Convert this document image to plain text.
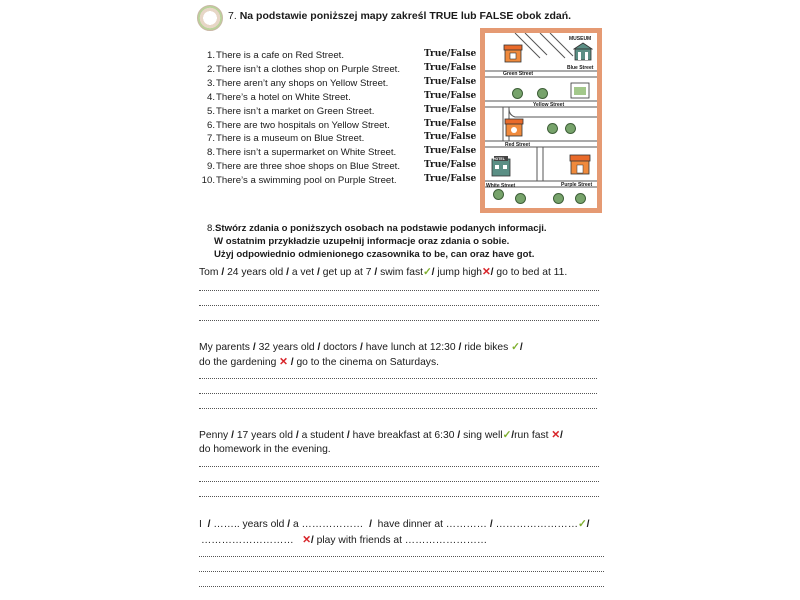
7. Na podstawie poniższej mapy zakreśl TRUE lub FALSE obok zdań.
1.There is a cafe on Red Street.
2.There isn’t a clothes shop on Purple Street.
3.There aren’t any shops on Yellow Street.
4.There’s a hotel on White Street.
5.There isn’t a market on Green Street.
6.There are two hospitals on Yellow Street.
7.There is a museum on Blue Street.
8.There isn’t a supermarket on White Street.
9.There are three shoe shops on Blue Street.
10.There’s a swimming pool on Purple Street.
True/False
True/False
True/False
True/False
True/False
True/False
True/False
True/False
True/False
True/False
MUSEUM
HOTEL
Green Street
Blue Street
Yellow Street
Red Street
White Street	Purple Street
8.Stwórz zdania o poniższych osobach na podstawie podanych informacji.
W ostatnim przykładzie uzupełnij informacje oraz zdania o sobie.
Użyj odpowiednio odmienionego czasownika to be, can oraz have got.
Tom / 24 years old / a vet / get up at 7 / swim fast✓/ jump high✕/ go to bed at 11.
My parents / 32 years old / doctors / have lunch at 12:30 / ride bikes ✓/
do the gardening ✕ / go to the cinema on Saturdays.
Penny / 17 years old / a student / have breakfast at 6:30 / sing well✓/run fast ✕/
do homework in the evening.
I / …….. years old / a ……………… / have dinner at ………… / ……………………✓/
……………………… ✕/ play with friends at ……………………
